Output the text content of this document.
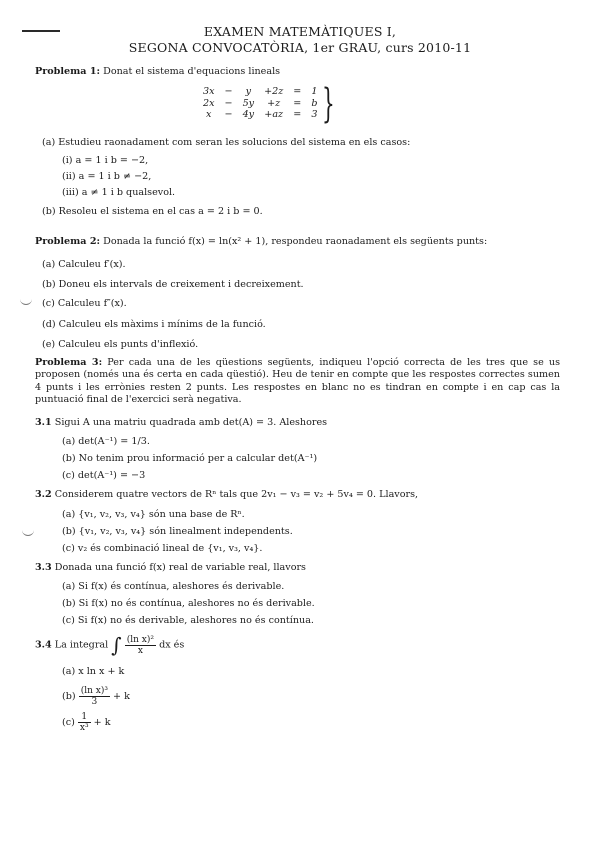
EXAMEN MATEMÀTIQUES I,
SEGONA CONVOCATÒRIA, 1er GRAU, curs 2010-11
Problema 1: Donat el sistema d'equacions lineals
3x	−	y	+2z	=	1
2x	−	5y	+z	=	b
x	−	4y	+az	=	3 }
(a) Estudieu raonadament com seran les solucions del sistema en els casos:
(i) a = 1 i b = −2,
(ii) a = 1 i b ≠ −2,
(iii) a ≠ 1 i b qualsevol.
(b) Resoleu el sistema en el cas a = 2 i b = 0.
Problema 2: Donada la funció f(x) = ln(x² + 1), respondeu raonadament els següents punts:
(a) Calculeu f′(x).
(b) Doneu els intervals de creixement i decreixement.
(c) Calculeu f″(x).
(d) Calculeu els màxims i mínims de la funció.
(e) Calculeu els punts d'inflexió.
Problema 3: Per cada una de les qüestions següents, indiqueu l'opció correcta de les tres que se us proposen (només una és certa en cada qüestió). Heu de tenir en compte que les respostes correctes sumen 4 punts i les errònies resten 2 punts. Les respostes en blanc no es tindran en compte i en cap cas la puntuació final de l'exercici serà negativa.
3.1 Sigui A una matriu quadrada amb det(A) = 3. Aleshores
(a) det(A⁻¹) = 1/3.
(b) No tenim prou informació per a calcular det(A⁻¹)
(c) det(A⁻¹) = −3
3.2 Considerem quatre vectors de Rⁿ tals que 2v₁ − v₃ = v₂ + 5v₄ = 0. Llavors,
(a) {v₁, v₂, v₃, v₄} són una base de Rⁿ.
(b) {v₁, v₂, v₃, v₄} són linealment independents.
(c) v₂ és combinació lineal de {v₁, v₃, v₄}.
3.3 Donada una funció f(x) real de variable real, llavors
(a) Si f(x) és contínua, aleshores és derivable.
(b) Si f(x) no és contínua, aleshores no és derivable.
(c) Si f(x) no és derivable, aleshores no és contínua.
3.4 La integral ∫ $\frac{\text{(ln x)²}}{x}$ dx és
(a) x ln x + k
$(b) \frac{\text{(ln x)³}}{3} + k$
$(c) \frac{1}{\text{x³}} + k$
